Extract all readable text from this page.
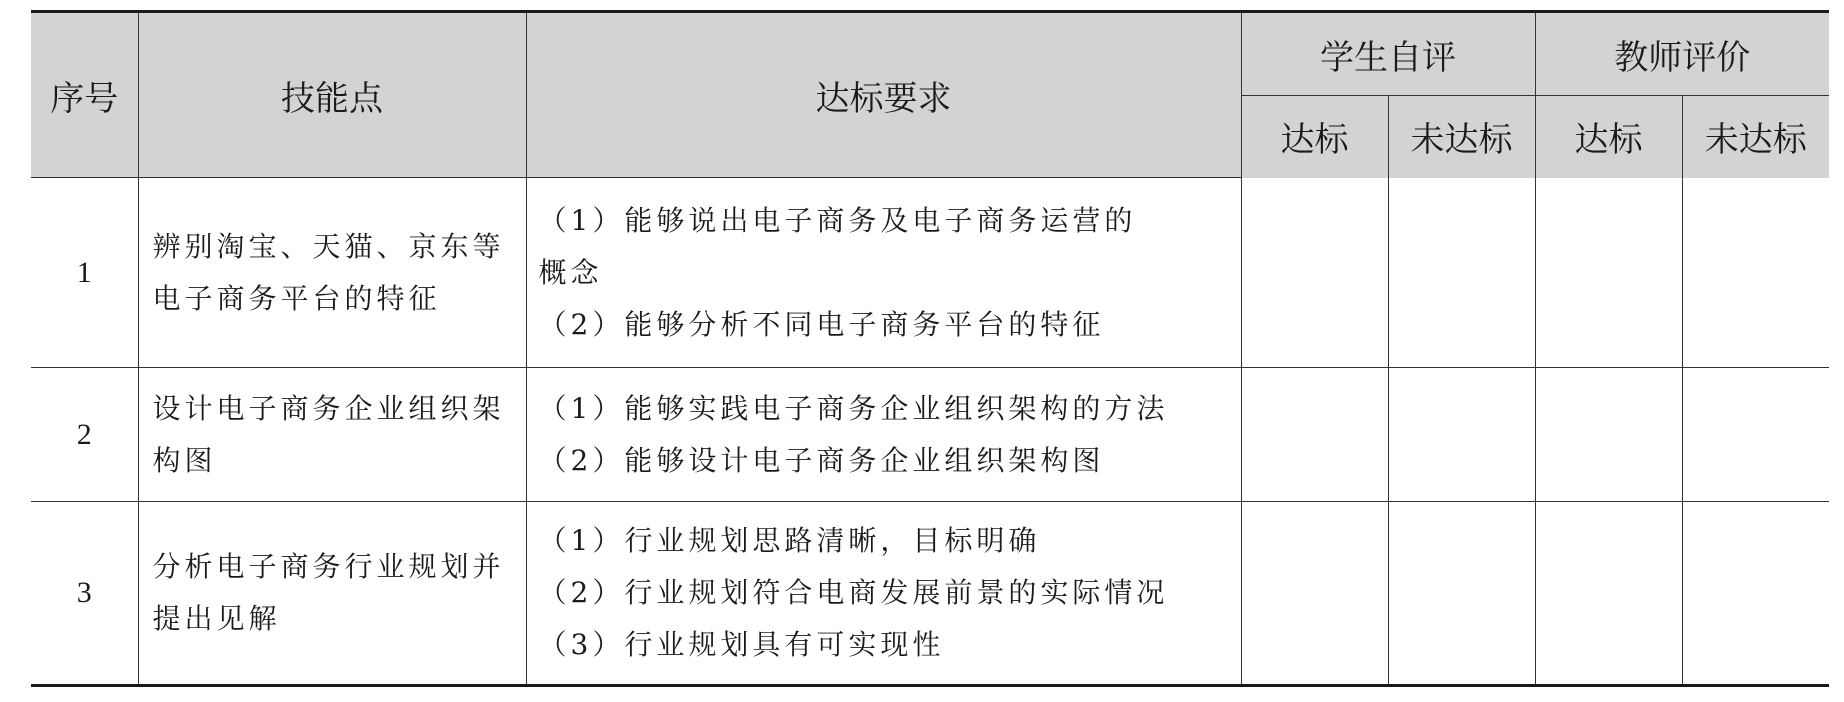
序号	技能点	达标要求	学生自评		教师评价	
			达标	未达标	达标	未达标
1	辨别淘宝、天猫、京东等电子商务平台的特征	（1）能够说出电子商务及电子商务运营的
概念
（2）能够分析不同电子商务平台的特征				

2	设计电子商务企业组织架构图	（1）能够实践电子商务企业组织架构的方法
（2）能够设计电子商务企业组织架构图				

3	分析电子商务行业规划并提出见解	（1）行业规划思路清晰，目标明确
（2）行业规划符合电商发展前景的实际情况
（3）行业规划具有可实现性				
